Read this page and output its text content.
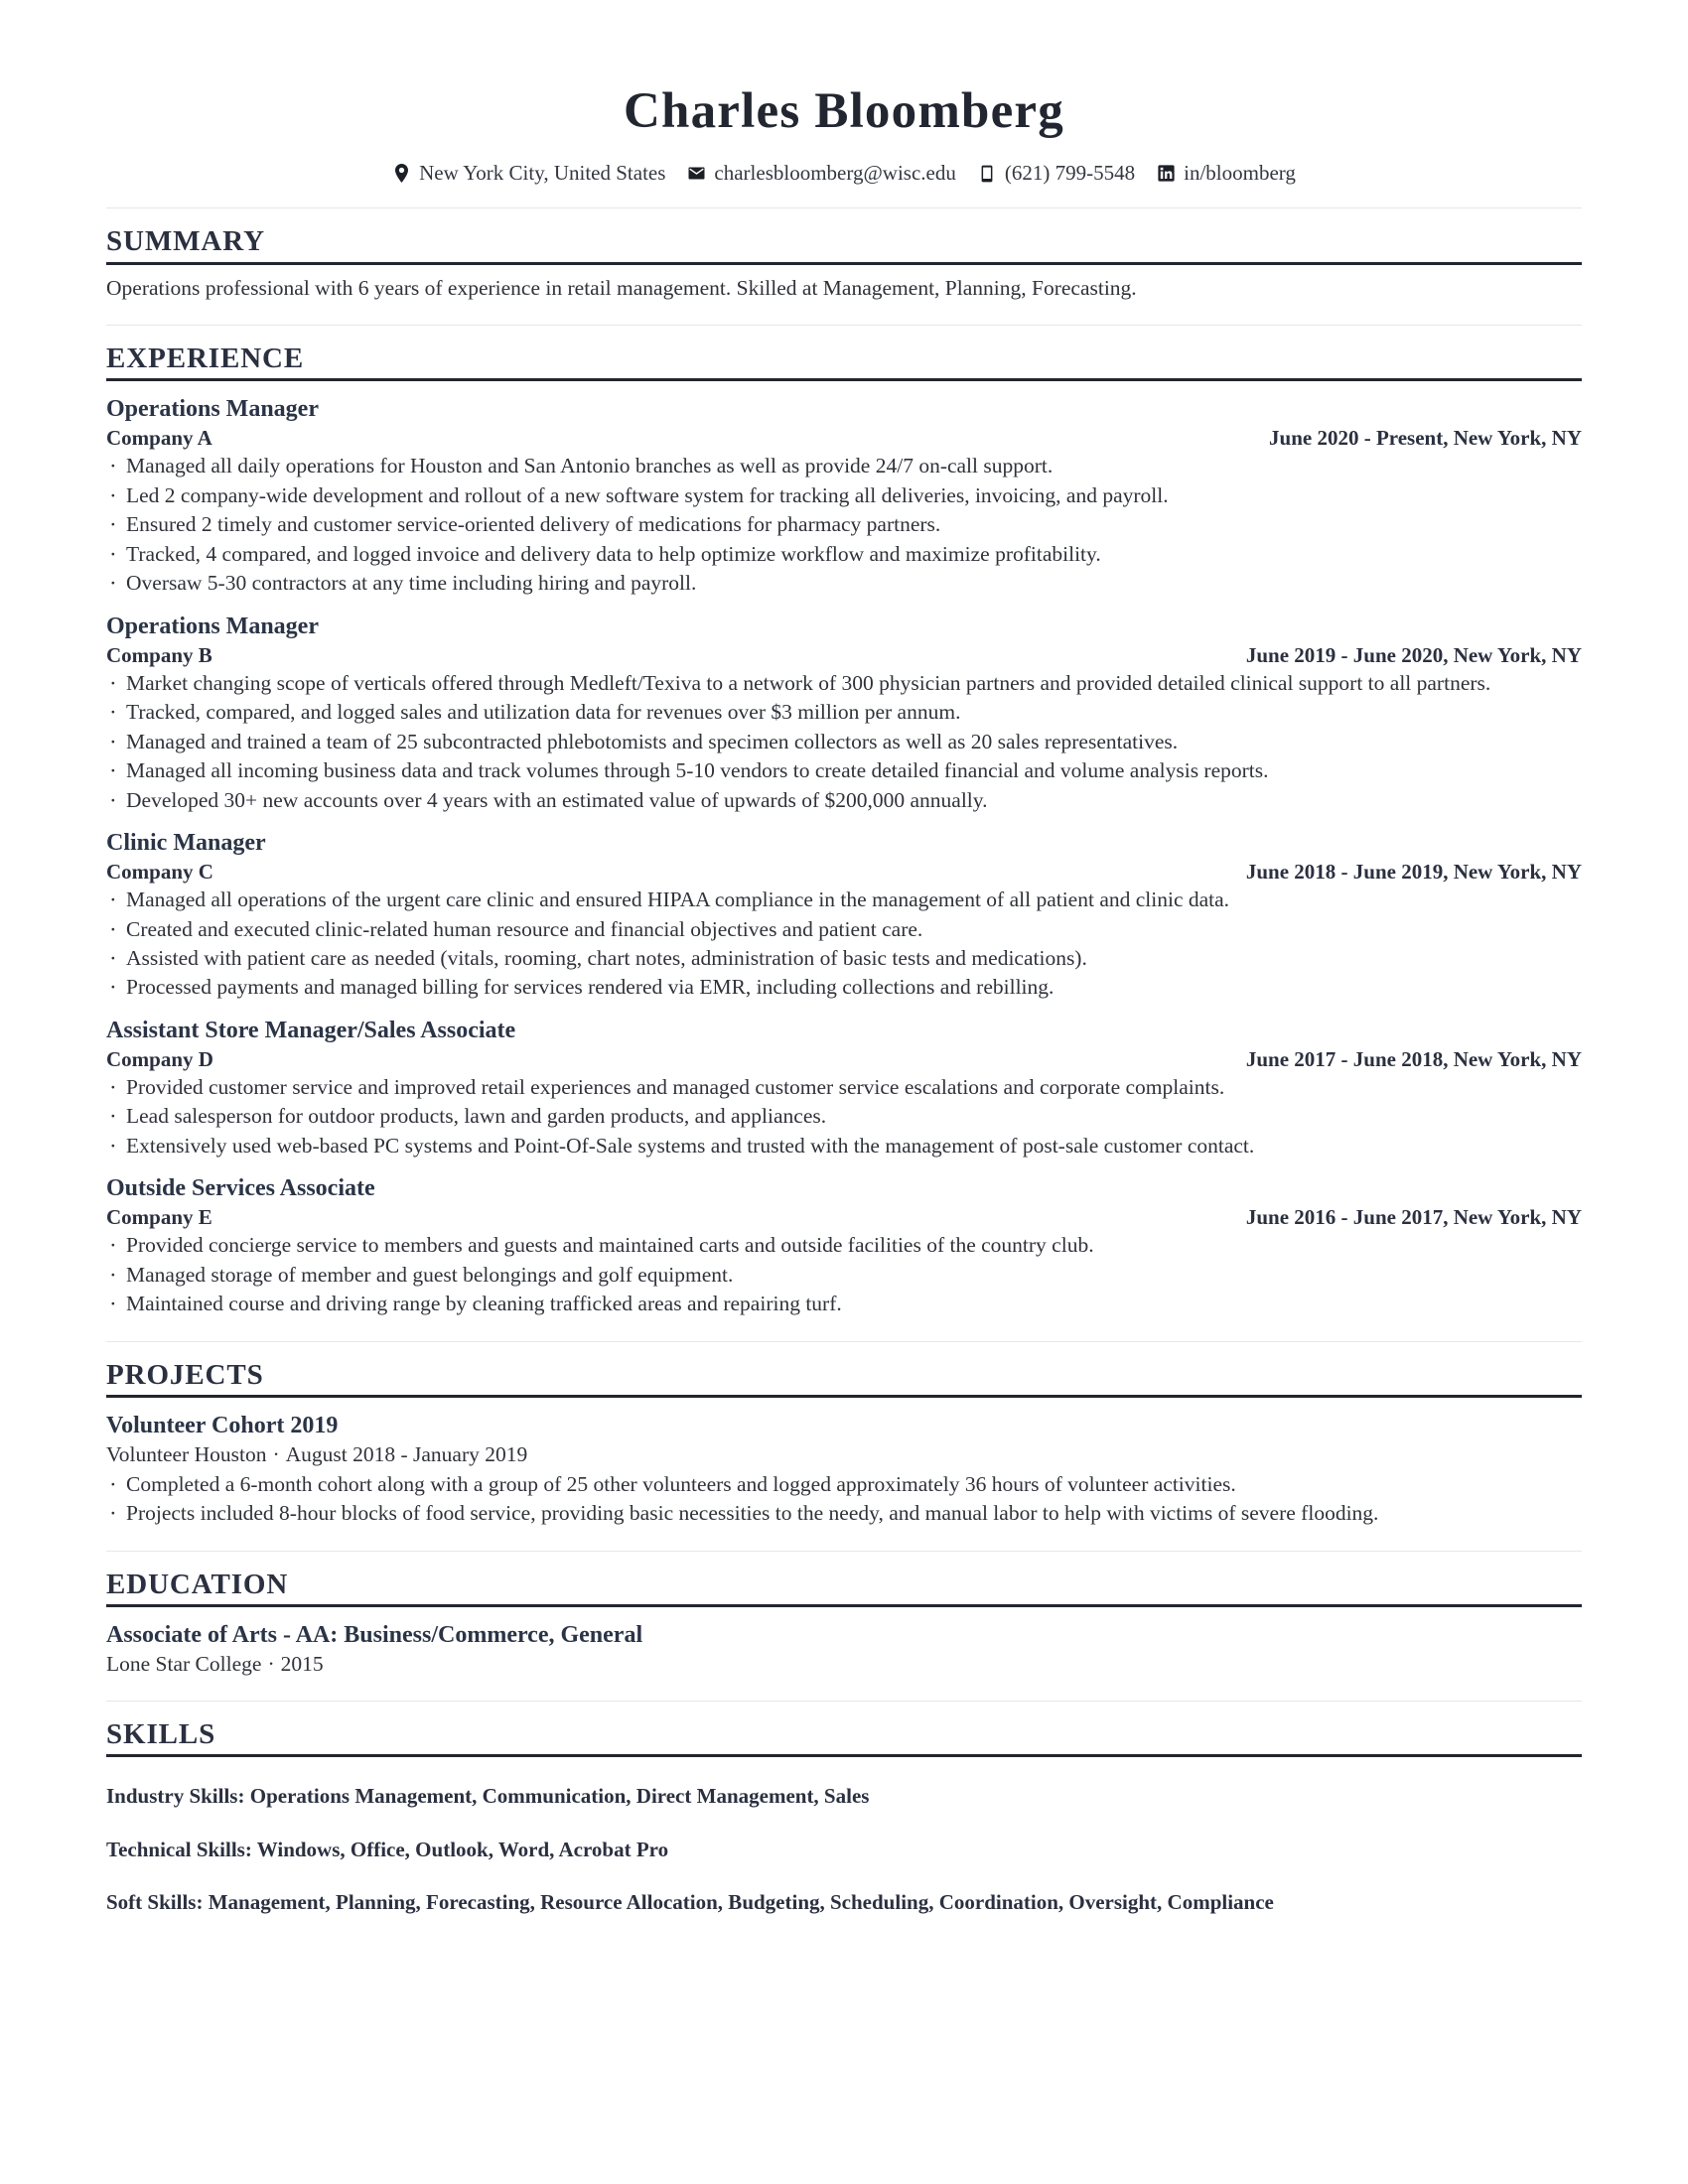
Charles Bloomberg
New York City, United States charlesbloomberg@wisc.edu (621) 799-5548 in/bloomberg
SUMMARY
Operations professional with 6 years of experience in retail management. Skilled at Management, Planning, Forecasting.
EXPERIENCE
Operations Manager
Company A	June 2020 - Present, New York, NY
· Managed all daily operations for Houston and San Antonio branches as well as provide 24/7 on-call support.
· Led 2 company-wide development and rollout of a new software system for tracking all deliveries, invoicing, and payroll.
· Ensured 2 timely and customer service-oriented delivery of medications for pharmacy partners.
· Tracked, 4 compared, and logged invoice and delivery data to help optimize workflow and maximize profitability.
· Oversaw 5-30 contractors at any time including hiring and payroll.
Operations Manager
Company B	June 2019 - June 2020, New York, NY
· Market changing scope of verticals offered through Medleft/Texiva to a network of 300 physician partners and provided detailed clinical support to all partners.
· Tracked, compared, and logged sales and utilization data for revenues over $3 million per annum.
· Managed and trained a team of 25 subcontracted phlebotomists and specimen collectors as well as 20 sales representatives.
· Managed all incoming business data and track volumes through 5-10 vendors to create detailed financial and volume analysis reports.
· Developed 30+ new accounts over 4 years with an estimated value of upwards of $200,000 annually.
Clinic Manager
Company C	June 2018 - June 2019, New York, NY
· Managed all operations of the urgent care clinic and ensured HIPAA compliance in the management of all patient and clinic data.
· Created and executed clinic-related human resource and financial objectives and patient care.
· Assisted with patient care as needed (vitals, rooming, chart notes, administration of basic tests and medications).
· Processed payments and managed billing for services rendered via EMR, including collections and rebilling.
Assistant Store Manager/Sales Associate
Company D	June 2017 - June 2018, New York, NY
· Provided customer service and improved retail experiences and managed customer service escalations and corporate complaints.
· Lead salesperson for outdoor products, lawn and garden products, and appliances.
· Extensively used web-based PC systems and Point-Of-Sale systems and trusted with the management of post-sale customer contact.
Outside Services Associate
Company E	June 2016 - June 2017, New York, NY
· Provided concierge service to members and guests and maintained carts and outside facilities of the country club.
· Managed storage of member and guest belongings and golf equipment.
· Maintained course and driving range by cleaning trafficked areas and repairing turf.
PROJECTS
Volunteer Cohort 2019
Volunteer Houston · August 2018 - January 2019
· Completed a 6-month cohort along with a group of 25 other volunteers and logged approximately 36 hours of volunteer activities.
· Projects included 8-hour blocks of food service, providing basic necessities to the needy, and manual labor to help with victims of severe flooding.
EDUCATION
Associate of Arts - AA: Business/Commerce, General
Lone Star College · 2015
SKILLS
Industry Skills: Operations Management, Communication, Direct Management, Sales
Technical Skills: Windows, Office, Outlook, Word, Acrobat Pro
Soft Skills: Management, Planning, Forecasting, Resource Allocation, Budgeting, Scheduling, Coordination, Oversight, Compliance
